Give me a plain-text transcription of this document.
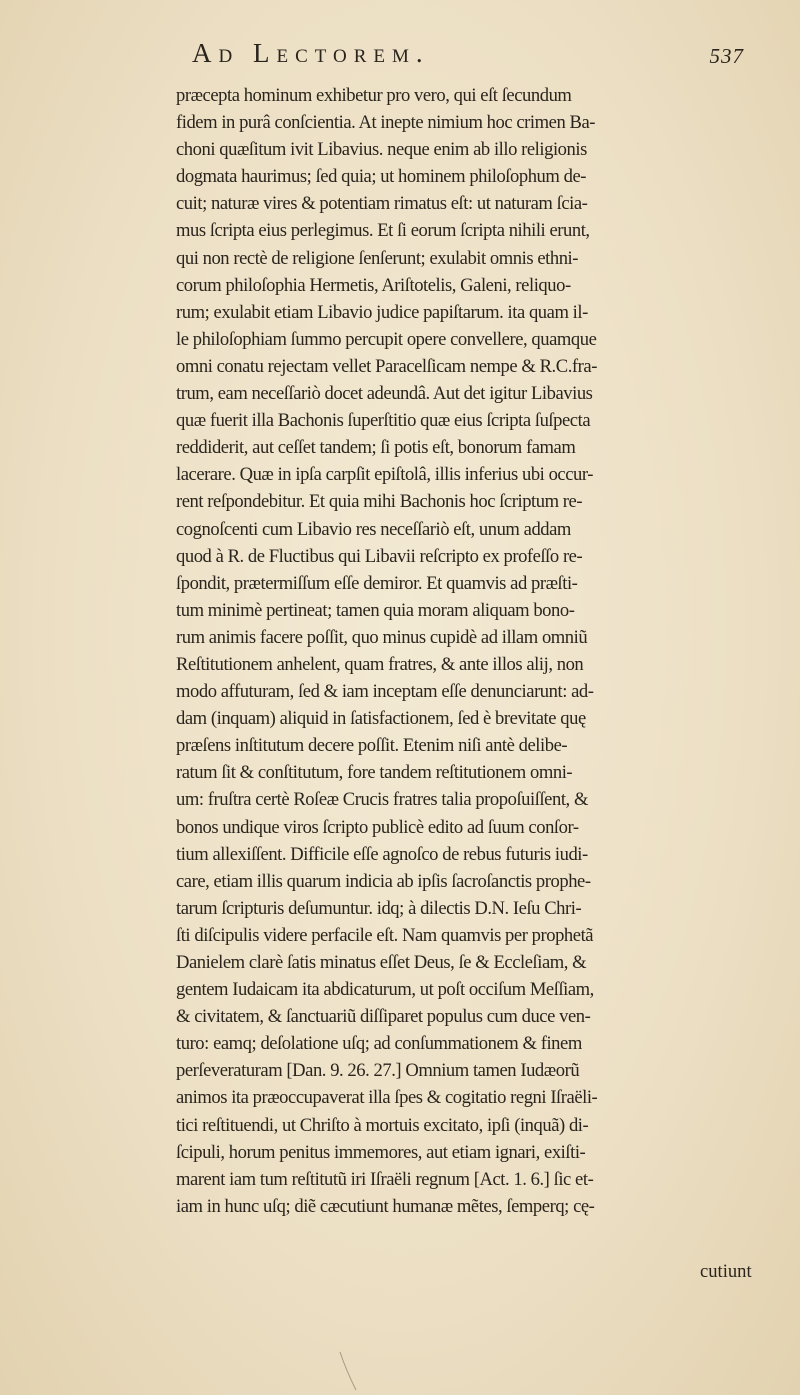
Ad Lectorem.	537
præcepta hominum exhibetur pro vero, qui eſt ſecundum
fidem in purâ conſcientia. At inepte nimium hoc crimen Ba-
choni quæſitum ivit Libavius. neque enim ab illo religionis
dogmata haurimus; ſed quia; ut hominem philoſophum de-
cuit; naturæ vires & potentiam rimatus eſt: ut naturam ſcia-
mus ſcripta eius perlegimus. Et ſi eorum ſcripta nihili erunt,
qui non rectè de religione ſenſerunt; exulabit omnis ethni-
corum philoſophia Hermetis, Ariſtotelis, Galeni, reliquo-
rum; exulabit etiam Libavio judice papiſtarum. ita quam il-
le philoſophiam ſummo percupit opere convellere, quamque
omni conatu rejectam vellet Paracelſicam nempe & R.C.fra-
trum, eam neceſſariò docet adeundâ. Aut det igitur Libavius
quæ fuerit illa Bachonis ſuperſtitio quæ eius ſcripta ſuſpecta
reddiderit, aut ceſſet tandem; ſi potis eſt, bonorum famam
lacerare. Quæ in ipſa carpſit epiſtolâ, illis inferius ubi occur-
rent reſpondebitur. Et quia mihi Bachonis hoc ſcriptum re-
cognoſcenti cum Libavio res neceſſariò eſt, unum addam
quod à R. de Fluctibus qui Libavii reſcripto ex profeſſo re-
ſpondit, prætermiſſum eſſe demiror. Et quamvis ad præſti-
tum minimè pertineat; tamen quia moram aliquam bono-
rum animis facere poſſit, quo minus cupidè ad illam omniũ
Reſtitutionem anhelent, quam fratres, & ante illos alij, non
modo affuturam, ſed & iam inceptam eſſe denunciarunt: ad-
dam (inquam) aliquid in ſatisfactionem, ſed è brevitate quę
præſens inſtitutum decere poſſit. Etenim niſi antè delibe-
ratum ſit & conſtitutum, fore tandem reſtitutionem omni-
um: fruſtra certè Roſeæ Crucis fratres talia propoſuiſſent, &
bonos undique viros ſcripto publicè edito ad ſuum conſor-
tium allexiſſent. Difficile eſſe agnoſco de rebus futuris iudi-
care, etiam illis quarum indicia ab ipſis ſacroſanctis prophe-
tarum ſcripturis deſumuntur. idq; à dilectis D.N. Ieſu Chri-
ſti diſcipulis videre perfacile eſt. Nam quamvis per prophetã
Danielem clarè ſatis minatus eſſet Deus, ſe & Eccleſiam, &
gentem Iudaicam ita abdicaturum, ut poſt occiſum Meſſiam,
& civitatem, & ſanctuariũ diſſiparet populus cum duce ven-
turo: eamq; deſolatione uſq; ad conſummationem & finem
perſeveraturam [Dan. 9. 26. 27.] Omnium tamen Iudæorũ
animos ita præoccupaverat illa ſpes & cogitatio regni Iſraëli-
tici reſtituendi, ut Chriſto à mortuis excitato, ipſi (inquã) di-
ſcipuli, horum penitus immemores, aut etiam ignari, exiſti-
marent iam tum reſtitutũ iri Iſraëli regnum [Act. 1. 6.] ſic et-
iam in hunc uſq; diẽ cæcutiunt humanæ mẽtes, ſemperq; cę-
cutiunt
